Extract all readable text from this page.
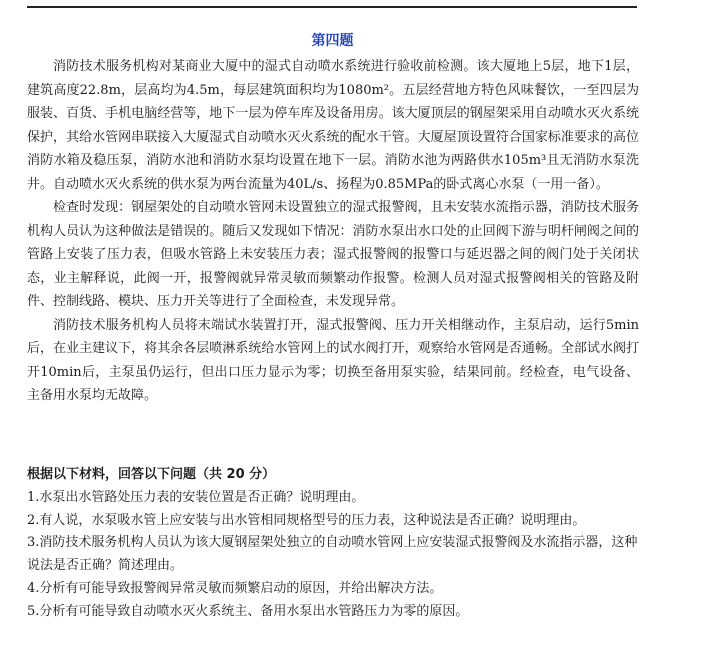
第四题

消防技术服务机构对某商业大厦中的湿式自动喷水系统进行验收前检测。该大厦地上5层，地下1层，建筑高度22.8m，层高均为4.5m，每层建筑面积均为1080m²。五层经营地方特色风味餐饮，一至四层为服装、百货、手机电脑经营等，地下一层为停车库及设备用房。该大厦顶层的钢屋架采用自动喷水灭火系统保护，其给水管网串联接入大厦湿式自动喷水灭火系统的配水干管。大厦屋顶设置符合国家标准要求的高位消防水箱及稳压泵，消防水池和消防水泵均设置在地下一层。消防水池为两路供水105m³且无消防水泵洗井。自动喷水灭火系统的供水泵为两台流量为40L/s、扬程为0.85MPa的卧式离心水泵（一用一备）。

检查时发现：钢屋架处的自动喷水管网未设置独立的湿式报警阀，且未安装水流指示器，消防技术服务机构人员认为这种做法是错误的。随后又发现如下情况：消防水泵出水口处的止回阀下游与明杆闸阀之间的管路上安装了压力表，但吸水管路上未安装压力表；湿式报警阀的报警口与延迟器之间的阀门处于关闭状态，业主解释说，此阀一开，报警阀就异常灵敏而频繁动作报警。检测人员对湿式报警阀相关的管路及附件、控制线路、模块、压力开关等进行了全面检查，未发现异常。

消防技术服务机构人员将末端试水装置打开，湿式报警阀、压力开关相继动作，主泵启动，运行5min后，在业主建议下，将其余各层喷淋系统给水管网上的试水阀打开，观察给水管网是否通畅。全部试水阀打开10min后，主泵虽仍运行，但出口压力显示为零；切换至备用泵实验，结果同前。经检查，电气设备、主备用水泵均无故障。

根据以下材料，回答以下问题（共 20 分）

1.水泵出水管路处压力表的安装位置是否正确？说明理由。

2.有人说，水泵吸水管上应安装与出水管相同规格型号的压力表，这种说法是否正确？说明理由。

3.消防技术服务机构人员认为该大厦钢屋架处独立的自动喷水管网上应安装湿式报警阀及水流指示器，这种说法是否正确？简述理由。

4.分析有可能导致报警阀异常灵敏而频繁启动的原因，并给出解决方法。

5.分析有可能导致自动喷水灭火系统主、备用水泵出水管路压力为零的原因。
